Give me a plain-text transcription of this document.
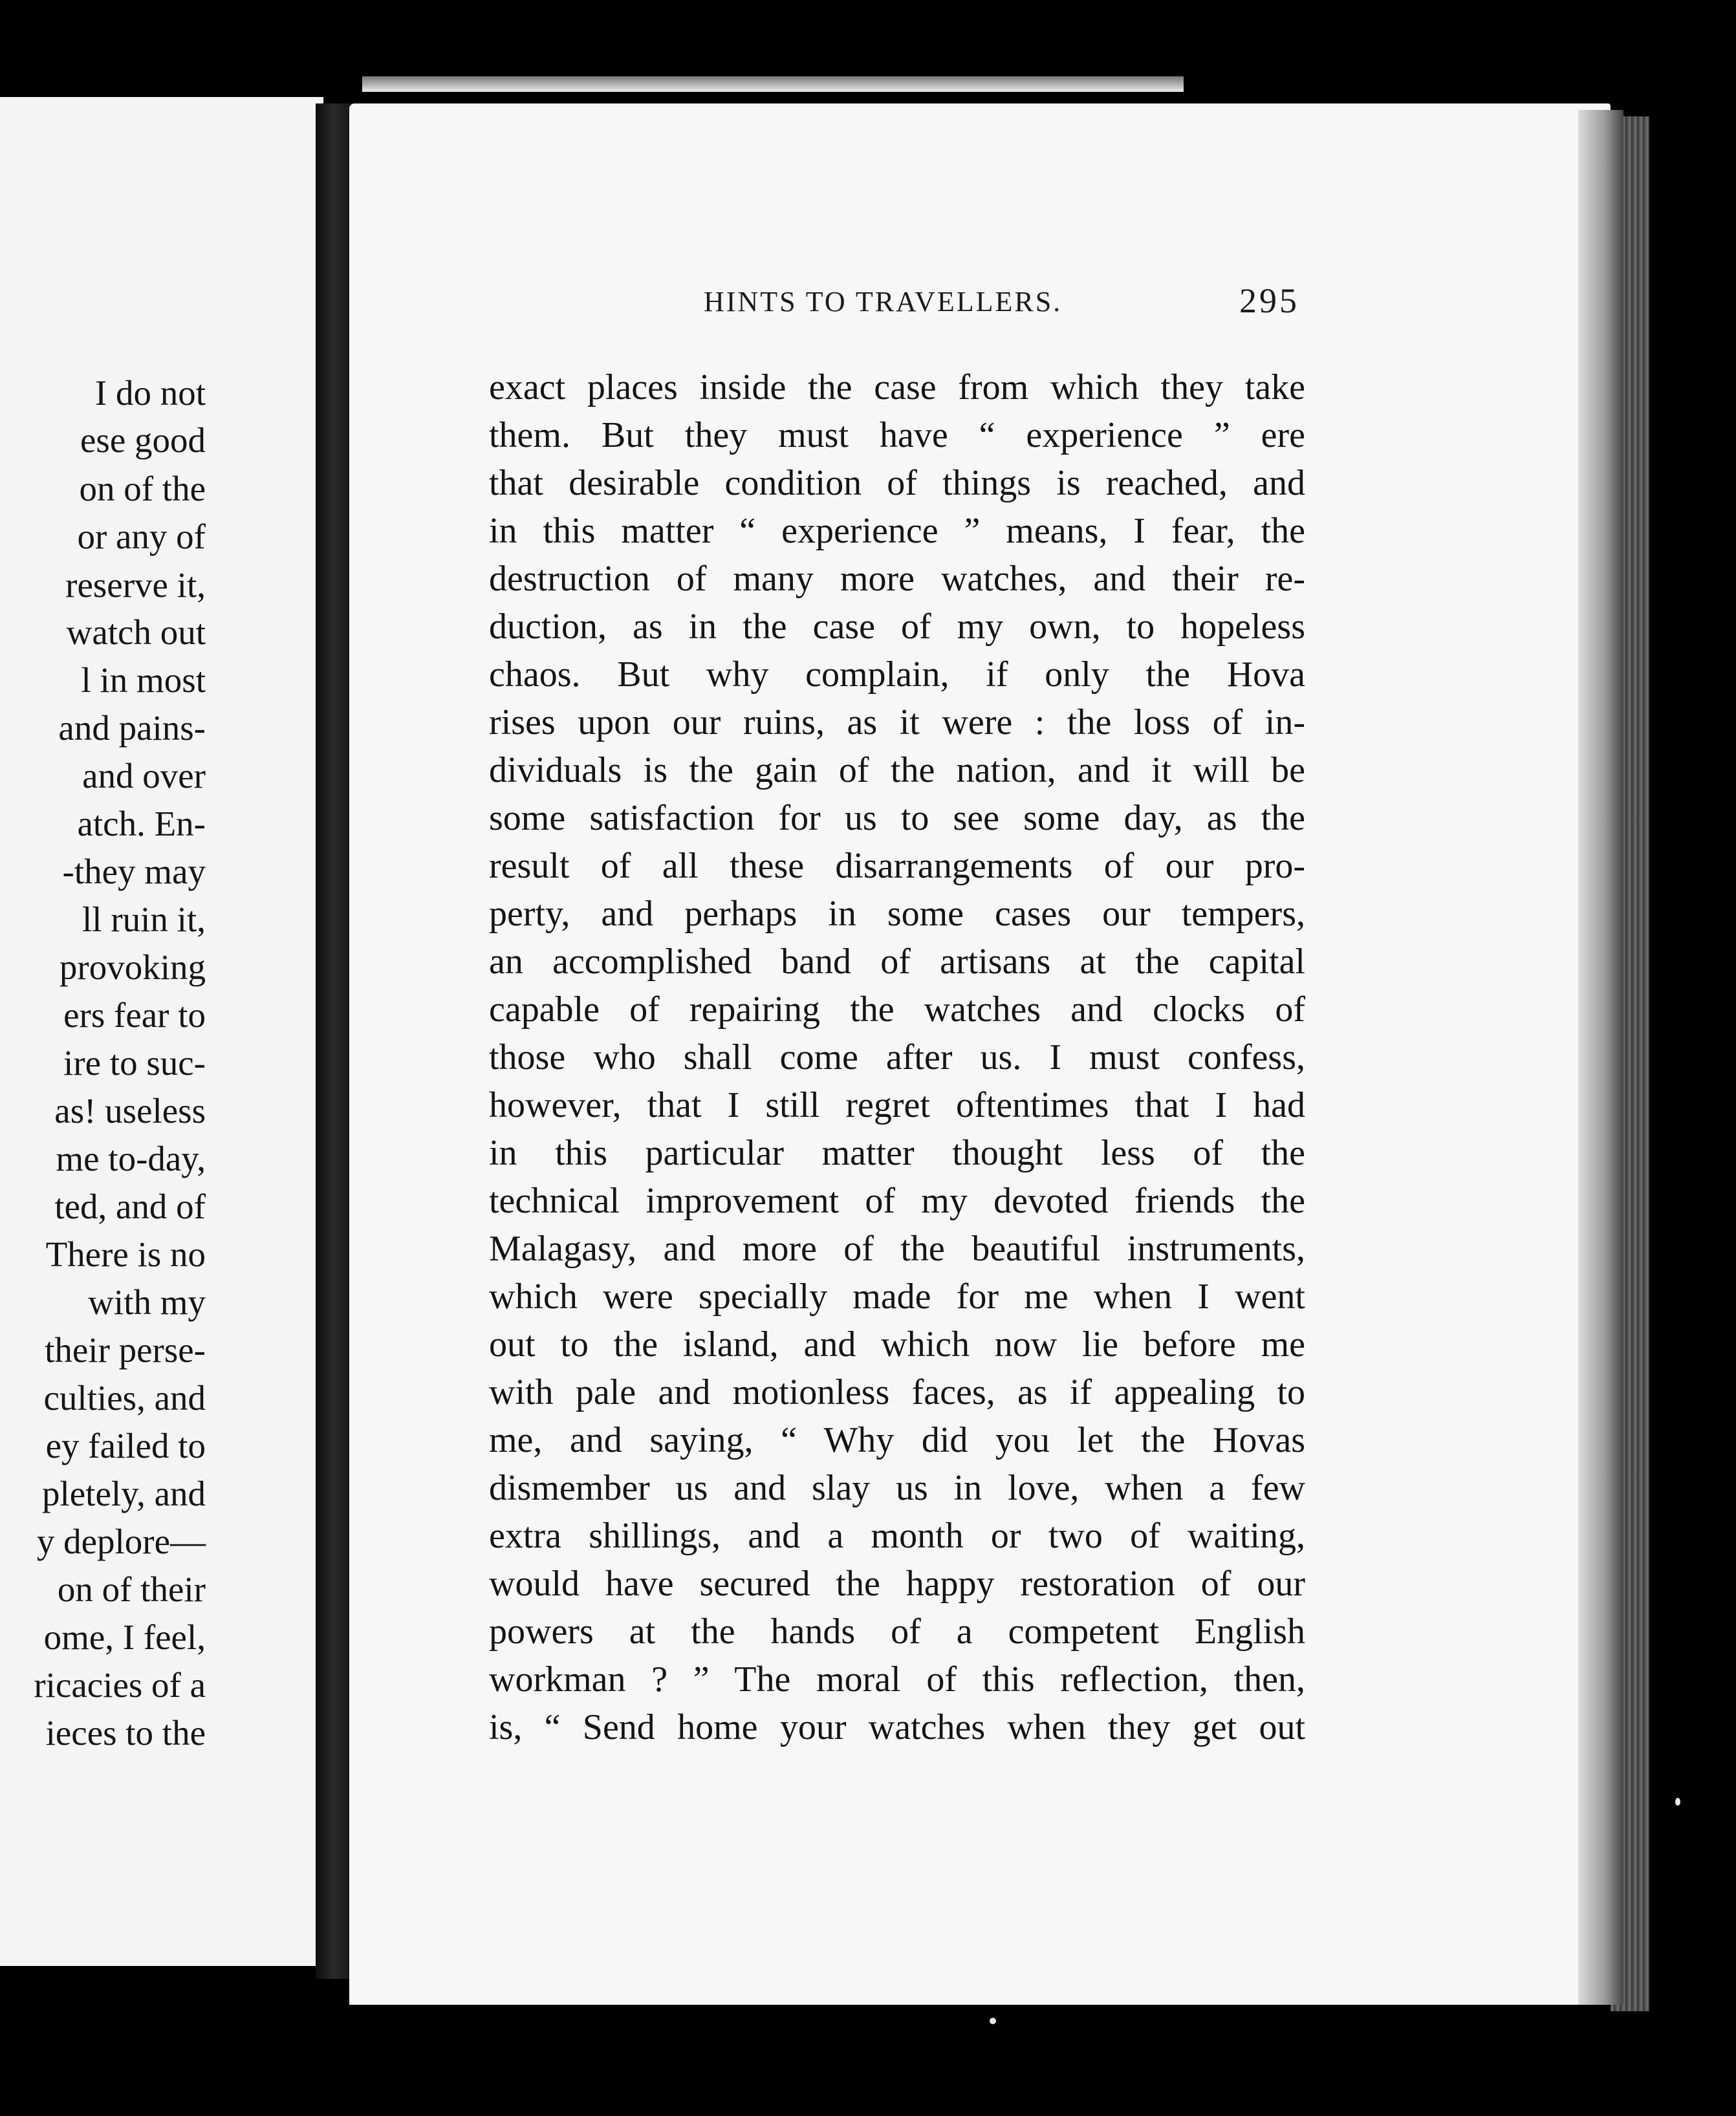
I do not
ese good
on of the
or any of
reserve it,
watch out
l in most
and pains-
and over
atch. En-
-they may
ll ruin it,
provoking
ers fear to
ire to suc-
as! useless
me to-day,
ted, and of
There is no
with my
their perse-
culties, and
ey failed to
pletely, and
y deplore—
on of their
ome, I feel,
ricacies of a
ieces to the
HINTS TO TRAVELLERS.	295
exact places inside the case from which they take
them. But they must have “ experience ” ere
that desirable condition of things is reached, and
in this matter “ experience ” means, I fear, the
destruction of many more watches, and their re-
duction, as in the case of my own, to hopeless
chaos. But why complain, if only the Hova
rises upon our ruins, as it were : the loss of in-
dividuals is the gain of the nation, and it will be
some satisfaction for us to see some day, as the
result of all these disarrangements of our pro-
perty, and perhaps in some cases our tempers,
an accomplished band of artisans at the capital
capable of repairing the watches and clocks of
those who shall come after us. I must confess,
however, that I still regret oftentimes that I had
in this particular matter thought less of the
technical improvement of my devoted friends the
Malagasy, and more of the beautiful instruments,
which were specially made for me when I went
out to the island, and which now lie before me
with pale and motionless faces, as if appealing to
me, and saying, “ Why did you let the Hovas
dismember us and slay us in love, when a few
extra shillings, and a month or two of waiting,
would have secured the happy restoration of our
powers at the hands of a competent English
workman ? ” The moral of this reflection, then,
is, “ Send home your watches when they get out
